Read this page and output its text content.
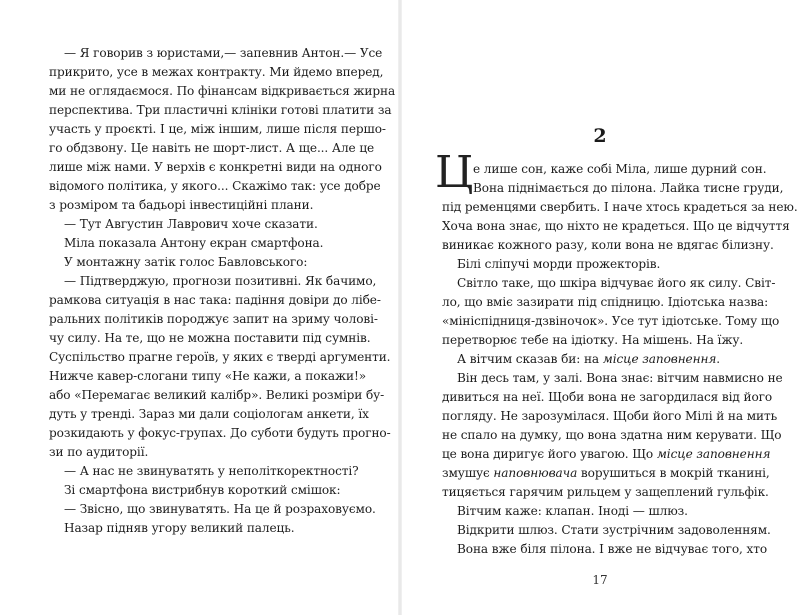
— Я говорив з юристами,— запевнив Антон.— Усе
прикрито, усе в межах контракту. Ми йдемо вперед,
ми не оглядаємося. По фінансам відкривається жирна
перспектива. Три пластичні клініки готові платити за
участь у проєкті. І це, між іншим, лише після першо-
го обдзвону. Це навіть не шорт-лист. А ще... Але це
лише між нами. У верхів є конкретні види на одного
відомого політика, у якого... Скажімо так: усе добре
з розміром та бадьорі інвестиційні плани.
— Тут Августин Лаврович хоче сказати.
Міла показала Антону екран смартфона.
У монтажну затік голос Бавловського:
— Підтверджую, прогнози позитивні. Як бачимо,
рамкова ситуація в нас така: падіння довіри до лібе-
ральних політиків породжує запит на зриму чолові-
чу силу. На те, що не можна поставити під сумнів.
Суспільство прагне героїв, у яких є тверді аргументи.
Нижче кавер-слогани типу «Не кажи, а покажи!»
або «Перемагає великий калібр». Великі розміри бу-
дуть у тренді. Зараз ми дали соціологам анкети, їх
розкидають у фокус-групах. До суботи будуть прогно-
зи по аудиторії.
— А нас не звинуватять у неполіткоректності?
Зі смартфона вистрибнув короткий смішок:
— Звісно, що звинуватять. На це й розраховуємо.
Назар підняв угору великий палець.
2
Ц е лише сон, каже собі Міла, лише дурний сон.
Вона піднімається до пілона. Лайка тисне груди,
під ременцями свербить. І наче хтось крадеться за нею.
Хоча вона знає, що ніхто не крадеться. Що це відчуття
виникає кожного разу, коли вона не вдягає білизну.
Білі сліпучі морди прожекторів.
Світло таке, що шкіра відчуває його як силу. Світ-
ло, що вміє зазирати під спідницю. Ідіотська назва:
«мініспідниця-дзвіночок». Усе тут ідіотське. Тому що
перетворює тебе на ідіотку. На мішень. На їжу.
А вітчим сказав би: на місце заповнення.
Він десь там, у залі. Вона знає: вітчим навмисно не
дивиться на неї. Щоби вона не загордилася від його
погляду. Не зарозумілася. Щоби його Мілі й на мить
не спало на думку, що вона здатна ним керувати. Що
це вона диригує його увагою. Що місце заповнення
змушує наповнювача ворушиться в мокрій тканині,
тицяється гарячим рильцем у защеплений гульфік.
Вітчим каже: клапан. Іноді — шлюз.
Відкрити шлюз. Стати зустрічним задоволенням.
Вона вже біля пілона. І вже не відчуває того, хто
17
